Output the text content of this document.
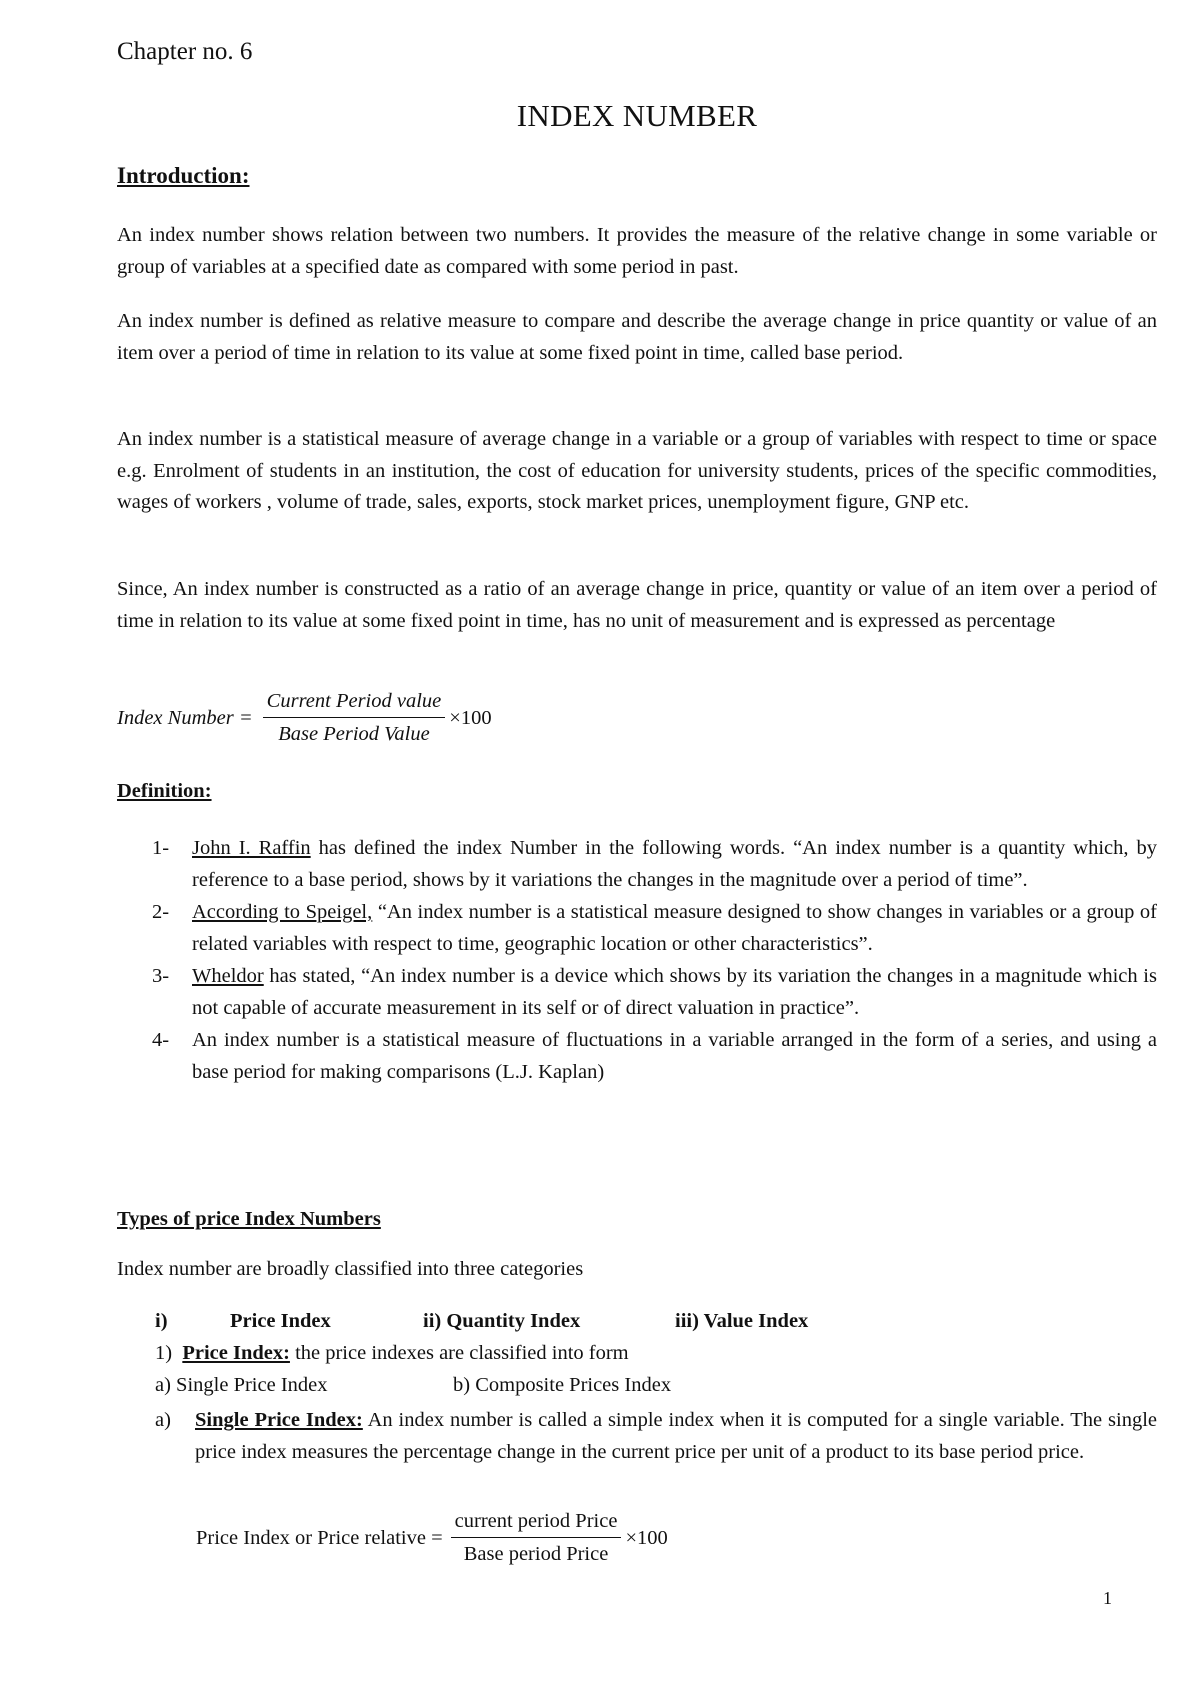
Chapter no. 6
INDEX NUMBER
Introduction:
An index number shows relation between two numbers. It provides the measure of the relative change in some variable or group of variables at a specified date as compared with some period in past.
An index number is defined as relative measure to compare and describe the average change in price quantity or value of an item over a period of time in relation to its value at some fixed point in time, called base period.
An index number is a statistical measure of average change in a variable or a group of variables with respect to time or space e.g. Enrolment of students in an institution, the cost of education for university students, prices of the specific commodities, wages of workers , volume of trade, sales, exports, stock market prices, unemployment figure, GNP etc.
Since, An index number is constructed as a ratio of an average change in price, quantity or value of an item over a period of time in relation to its value at some fixed point in time, has no unit of measurement and is expressed as percentage
Index Number = $\frac{\text{Current Period value}}{\text{Base Period Value}} \times 100$
Definition:
1- John I. Raffin has defined the index Number in the following words. “An index number is a quantity which, by reference to a base period, shows by it variations the changes in the magnitude over a period of time”.
2- According to Speigel, “An index number is a statistical measure designed to show changes in variables or a group of related variables with respect to time, geographic location or other characteristics”.
3- Wheldor has stated, “An index number is a device which shows by its variation the changes in a magnitude which is not capable of accurate measurement in its self or of direct valuation in practice”.
4- An index number is a statistical measure of fluctuations in a variable arranged in the form of a series, and using a base period for making comparisons (L.J. Kaplan)
Types of price Index Numbers
Index number are broadly classified into three categories
i)	Price Index	ii) Quantity Index	iii) Value Index
1) Price Index: the price indexes are classified into form
a) Single Price Index	b) Composite Prices Index
a)	Single Price Index: An index number is called a simple index when it is computed for a single variable. The single price index measures the percentage change in the current price per unit of a product to its base period price.
1
Price Index or Price relative = $\frac{\text{current period Price}}{\text{Base period Price}} \times 100$
